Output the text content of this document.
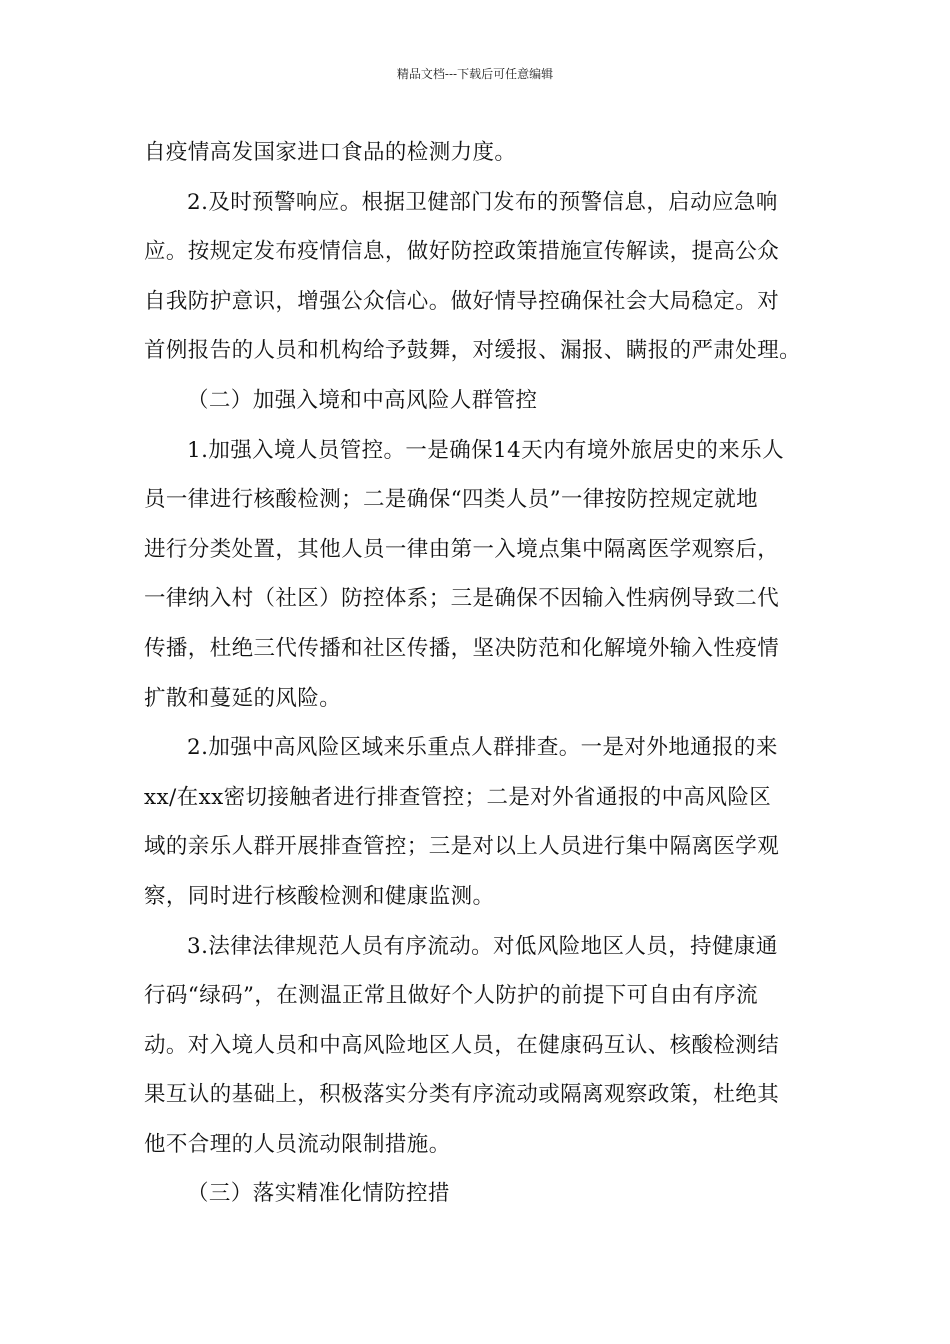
精品文档---下载后可任意编辑
自疫情高发国家进口食品的检测力度。
2.及时预警响应。根据卫健部门发布的预警信息，启动应急响
应。按规定发布疫情信息，做好防控政策措施宣传解读，提高公众
自我防护意识，增强公众信心。做好情导控确保社会大局稳定。对
首例报告的人员和机构给予鼓舞，对缓报、漏报、瞒报的严肃处理。
（二）加强入境和中高风险人群管控
1.加强入境人员管控。一是确保14天内有境外旅居史的来乐人
员一律进行核酸检测；二是确保“四类人员”一律按防控规定就地
进行分类处置，其他人员一律由第一入境点集中隔离医学观察后，
一律纳入村（社区）防控体系；三是确保不因输入性病例导致二代
传播，杜绝三代传播和社区传播，坚决防范和化解境外输入性疫情
扩散和蔓延的风险。
2.加强中高风险区域来乐重点人群排查。一是对外地通报的来
xx/在xx密切接触者进行排查管控；二是对外省通报的中高风险区
域的亲乐人群开展排查管控；三是对以上人员进行集中隔离医学观
察，同时进行核酸检测和健康监测。
3.法律法律规范人员有序流动。对低风险地区人员，持健康通
行码“绿码”，在测温正常且做好个人防护的前提下可自由有序流
动。对入境人员和中高风险地区人员，在健康码互认、核酸检测结
果互认的基础上，积极落实分类有序流动或隔离观察政策，杜绝其
他不合理的人员流动限制措施。
（三）落实精准化情防控措
